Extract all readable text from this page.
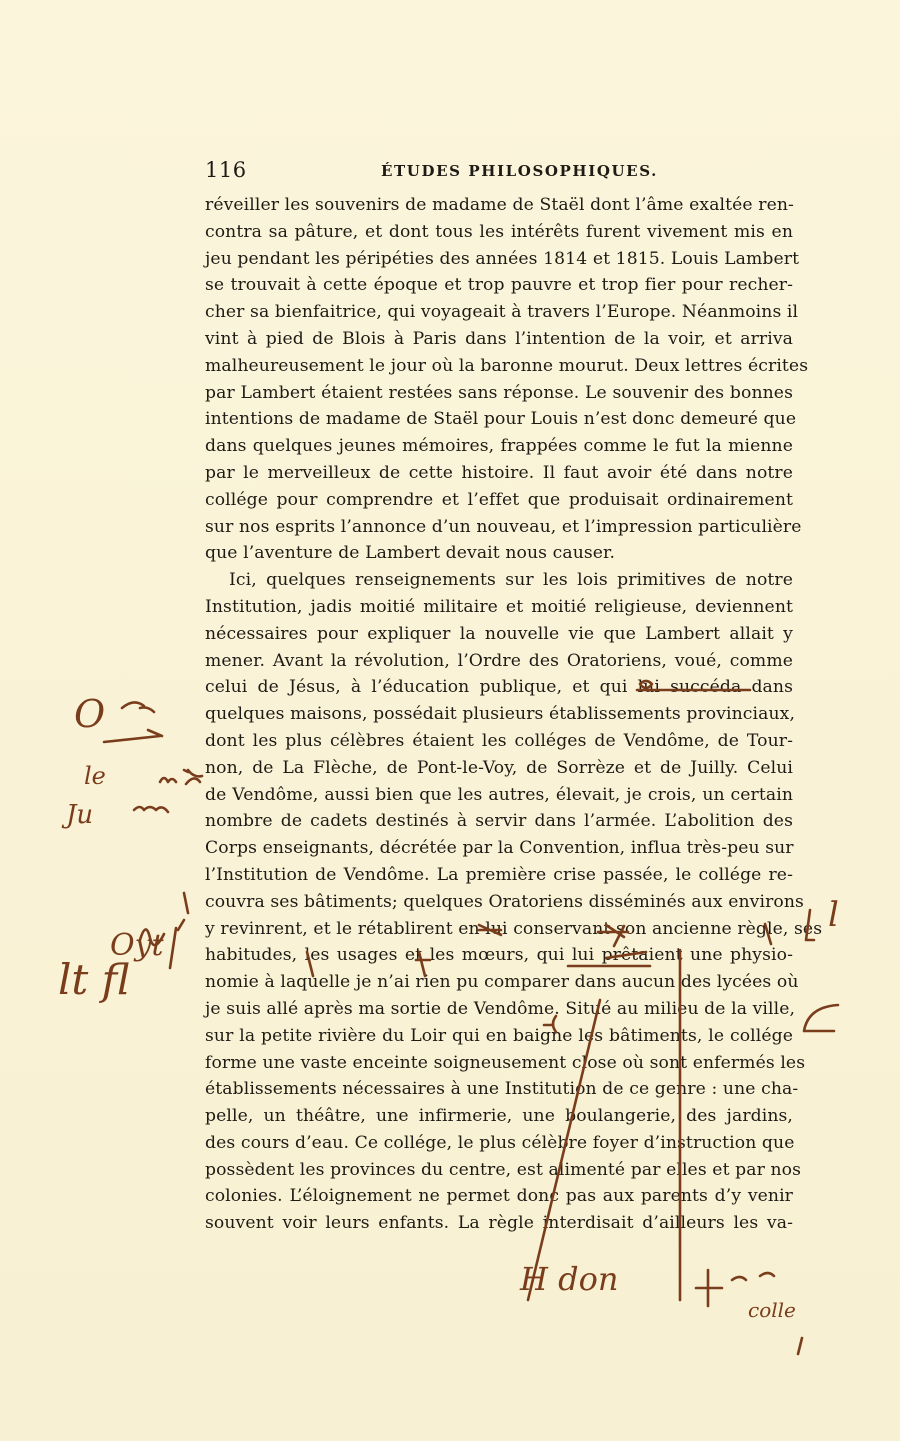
116	ÉTUDES PHILOSOPHIQUES.
réveiller les souvenirs de madame de Staël dont l’âme exaltée ren-
contra sa pâture, et dont tous les intérêts furent vivement mis en
jeu pendant les péripéties des années 1814 et 1815. Louis Lambert
se trouvait à cette époque et trop pauvre et trop fier pour recher-
cher sa bienfaitrice, qui voyageait à travers l’Europe. Néanmoins il
vint à pied de Blois à Paris dans l’intention de la voir, et arriva
malheureusement le jour où la baronne mourut. Deux lettres écrites
par Lambert étaient restées sans réponse. Le souvenir des bonnes
intentions de madame de Staël pour Louis n’est donc demeuré que
dans quelques jeunes mémoires, frappées comme le fut la mienne
par le merveilleux de cette histoire. Il faut avoir été dans notre
collége pour comprendre et l’effet que produisait ordinairement
sur nos esprits l’annonce d’un nouveau, et l’impression particulière
que l’aventure de Lambert devait nous causer.
Ici, quelques renseignements sur les lois primitives de notre
Institution, jadis moitié militaire et moitié religieuse, deviennent
nécessaires pour expliquer la nouvelle vie que Lambert allait y
mener. Avant la révolution, l’Ordre des Oratoriens, voué, comme
celui de Jésus, à l’éducation publique, et qui lui succéda dans
quelques maisons, possédait plusieurs établissements provinciaux,
dont les plus célèbres étaient les colléges de Vendôme, de Tour-
non, de La Flèche, de Pont-le-Voy, de Sorrèze et de Juilly. Celui
de Vendôme, aussi bien que les autres, élevait, je crois, un certain
nombre de cadets destinés à servir dans l’armée. L’abolition des
Corps enseignants, décrétée par la Convention, influa très-peu sur
l’Institution de Vendôme. La première crise passée, le collége re-
couvra ses bâtiments; quelques Oratoriens disséminés aux environs
y revinrent, et le rétablirent en lui conservant son ancienne règle, ses
habitudes, les usages et les mœurs, qui lui prêtaient une physio-
nomie à laquelle je n’ai rien pu comparer dans aucun des lycées où
je suis allé après ma sortie de Vendôme. Situé au milieu de la ville,
sur la petite rivière du Loir qui en baigne les bâtiments, le collége
forme une vaste enceinte soigneusement close où sont enfermés les
établissements nécessaires à une Institution de ce genre : une cha-
pelle, un théâtre, une infirmerie, une boulangerie, des jardins,
des cours d’eau. Ce collége, le plus célèbre foyer d’instruction que
possèdent les provinces du centre, est alimenté par elles et par nos
colonies. L’éloignement ne permet donc pas aux parents d’y venir
souvent voir leurs enfants. La règle interdisait d’ailleurs les va-
O
le
Ju
Oyt
lt fl
l
H don
colle
